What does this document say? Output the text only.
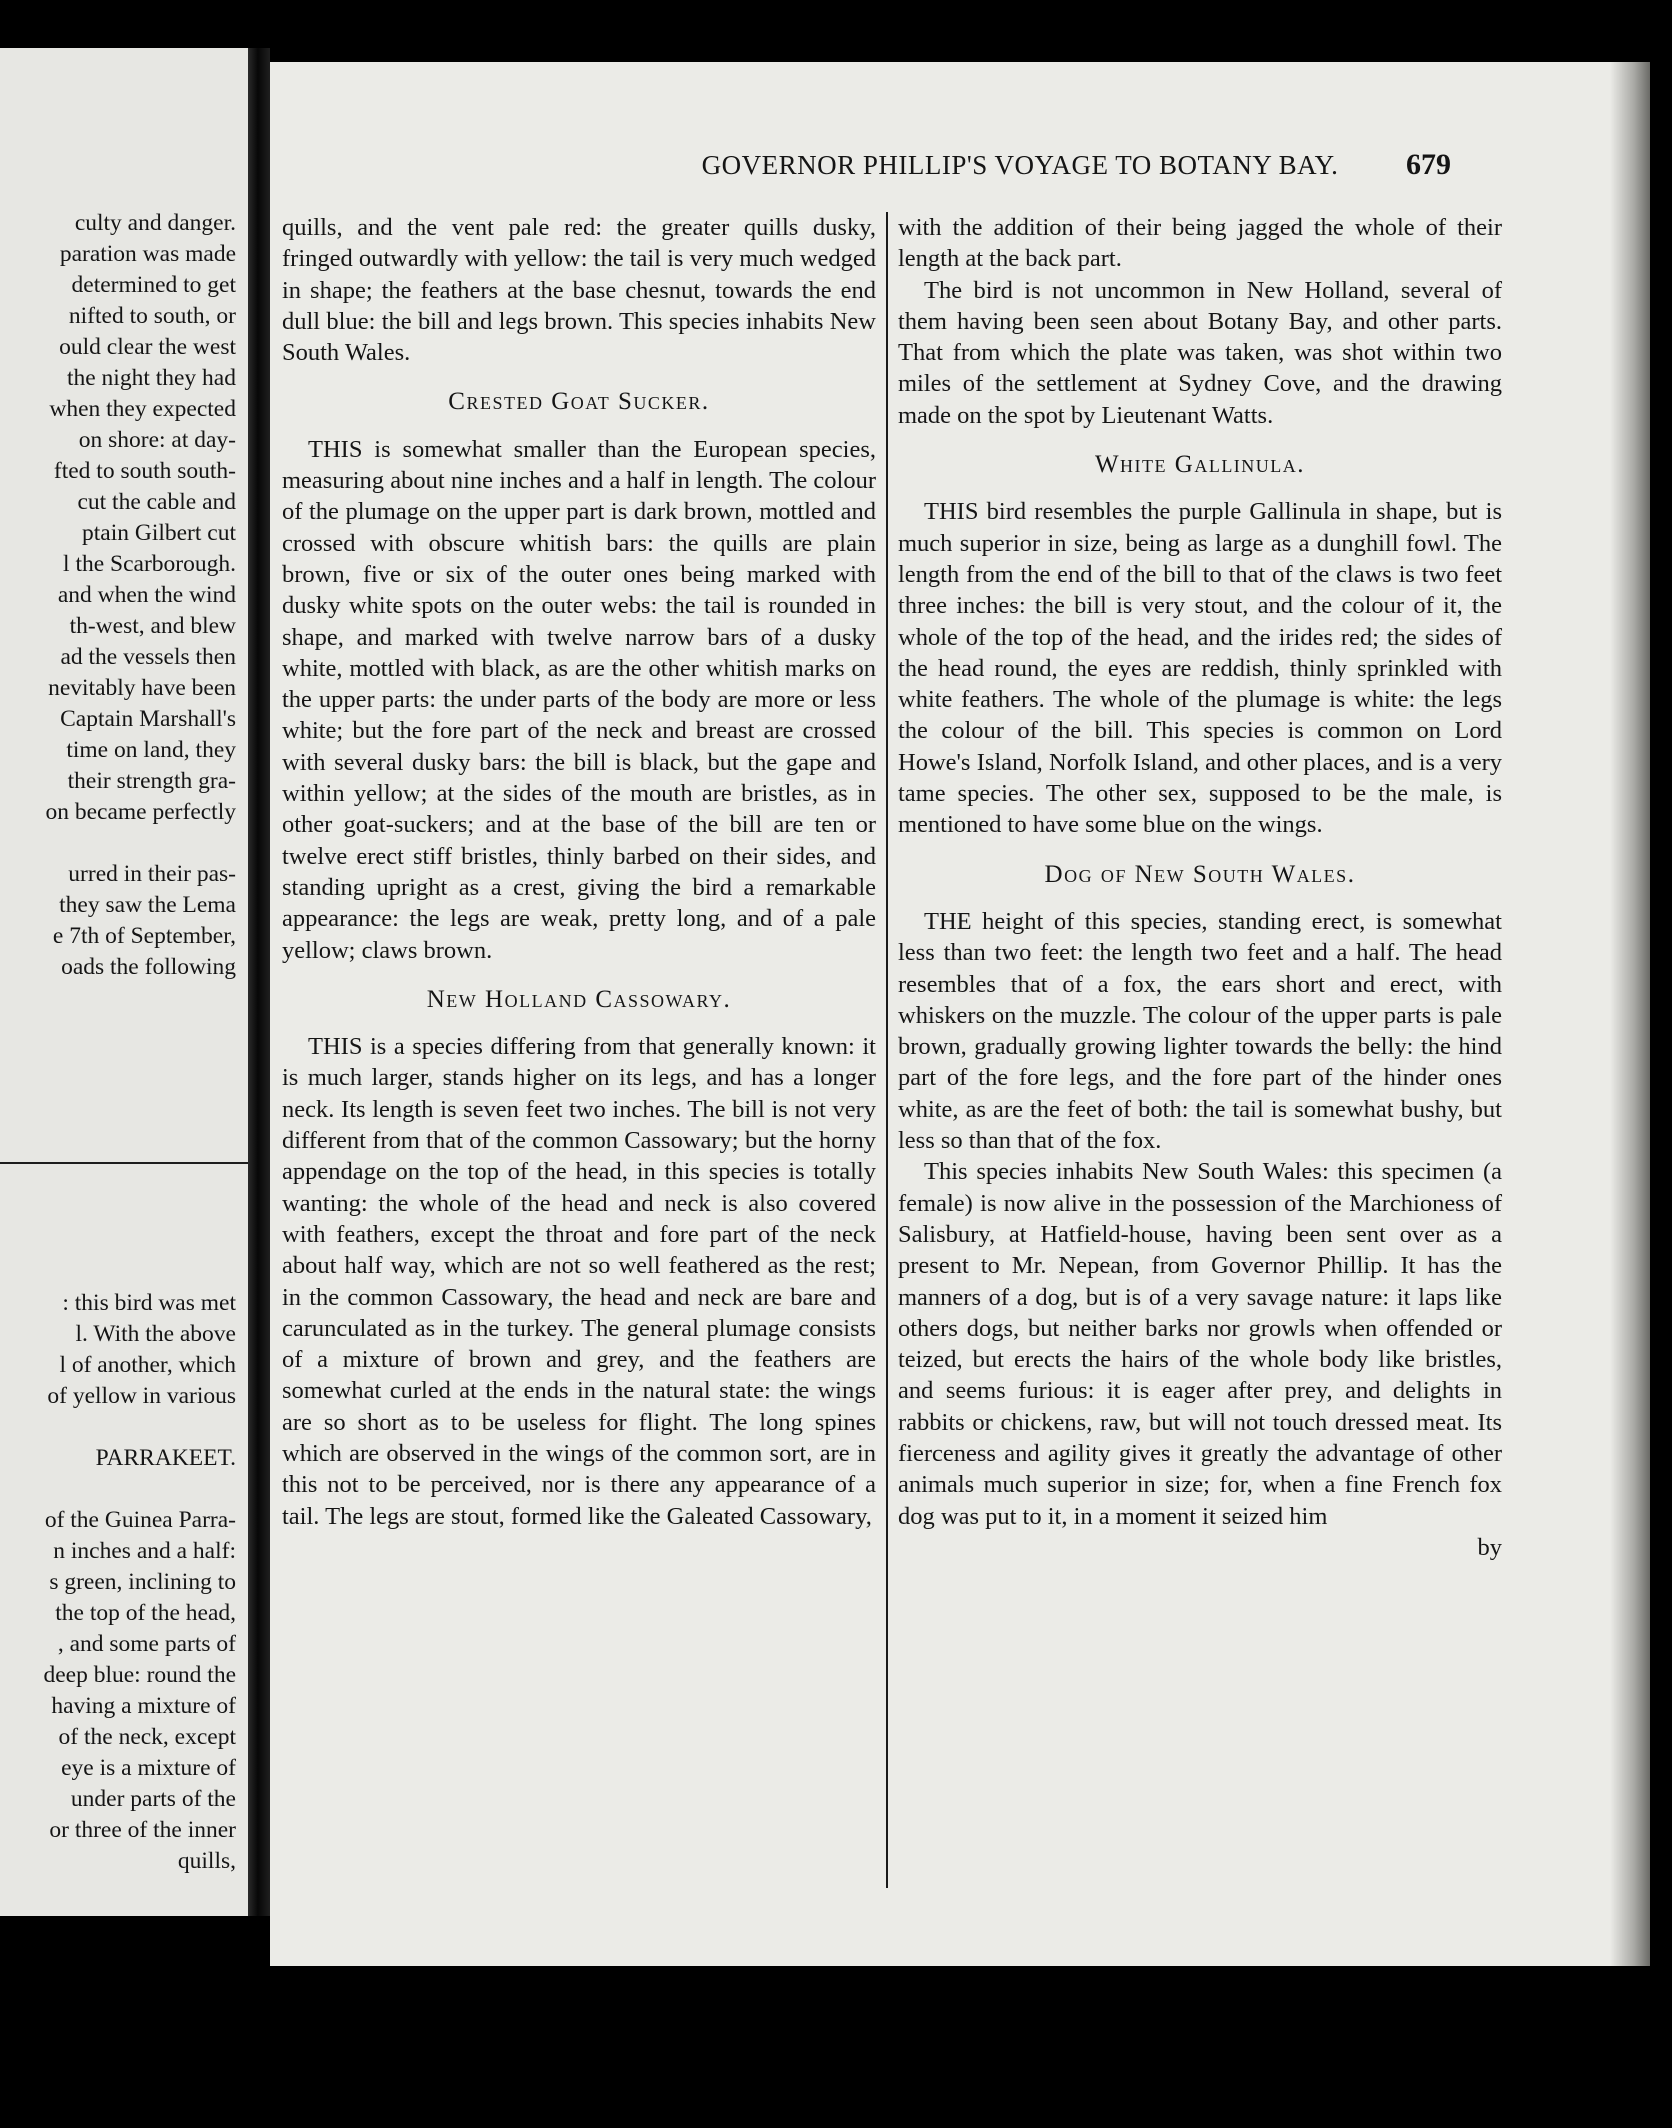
culty and danger.

paration was made

determined to get

nifted to south, or

ould clear the west

the night they had

when they expected

on shore: at day-

fted to south south-

cut the cable and

ptain Gilbert cut

l the Scarborough.

and when the wind

th-west, and blew

ad the vessels then

nevitably have been

Captain Marshall's

time on land, they

their strength gra-

on became perfectly

urred in their pas-

they saw the Lema

e 7th of September,

oads the following

: this bird was met

l. With the above

l of another, which

of yellow in various

PARRAKEET.

of the Guinea Parra-

n inches and a half:

s green, inclining to

the top of the head,

, and some parts of

deep blue: round the

having a mixture of

of the neck, except

eye is a mixture of

under parts of the

or three of the inner

quills,

GOVERNOR PHILLIP'S VOYAGE TO BOTANY BAY.	679

quills, and the vent pale red: the greater quills dusky, fringed outwardly with yellow: the tail is very much wedged in shape; the feathers at the base chesnut, towards the end dull blue: the bill and legs brown. This species inhabits New South Wales.

Crested Goat Sucker.

THIS is somewhat smaller than the European species, measuring about nine inches and a half in length. The colour of the plumage on the upper part is dark brown, mottled and crossed with obscure whitish bars: the quills are plain brown, five or six of the outer ones being marked with dusky white spots on the outer webs: the tail is rounded in shape, and marked with twelve narrow bars of a dusky white, mottled with black, as are the other whitish marks on the upper parts: the under parts of the body are more or less white; but the fore part of the neck and breast are crossed with several dusky bars: the bill is black, but the gape and within yellow; at the sides of the mouth are bristles, as in other goat-suckers; and at the base of the bill are ten or twelve erect stiff bristles, thinly barbed on their sides, and standing upright as a crest, giving the bird a remarkable appearance: the legs are weak, pretty long, and of a pale yellow; claws brown.

New Holland Cassowary.

THIS is a species differing from that generally known: it is much larger, stands higher on its legs, and has a longer neck. Its length is seven feet two inches. The bill is not very different from that of the common Cassowary; but the horny appendage on the top of the head, in this species is totally wanting: the whole of the head and neck is also covered with feathers, except the throat and fore part of the neck about half way, which are not so well feathered as the rest; in the common Cassowary, the head and neck are bare and carunculated as in the turkey. The general plumage consists of a mixture of brown and grey, and the feathers are somewhat curled at the ends in the natural state: the wings are so short as to be useless for flight. The long spines which are observed in the wings of the common sort, are in this not to be perceived, nor is there any appearance of a tail. The legs are stout, formed like the Galeated Cassowary,

with the addition of their being jagged the whole of their length at the back part.

The bird is not uncommon in New Holland, several of them having been seen about Botany Bay, and other parts. That from which the plate was taken, was shot within two miles of the settlement at Sydney Cove, and the drawing made on the spot by Lieutenant Watts.

White Gallinula.

THIS bird resembles the purple Gallinula in shape, but is much superior in size, being as large as a dunghill fowl. The length from the end of the bill to that of the claws is two feet three inches: the bill is very stout, and the colour of it, the whole of the top of the head, and the irides red; the sides of the head round, the eyes are reddish, thinly sprinkled with white feathers. The whole of the plumage is white: the legs the colour of the bill. This species is common on Lord Howe's Island, Norfolk Island, and other places, and is a very tame species. The other sex, supposed to be the male, is mentioned to have some blue on the wings.

Dog of New South Wales.

THE height of this species, standing erect, is somewhat less than two feet: the length two feet and a half. The head resembles that of a fox, the ears short and erect, with whiskers on the muzzle. The colour of the upper parts is pale brown, gradually growing lighter towards the belly: the hind part of the fore legs, and the fore part of the hinder ones white, as are the feet of both: the tail is somewhat bushy, but less so than that of the fox.

This species inhabits New South Wales: this specimen (a female) is now alive in the possession of the Marchioness of Salisbury, at Hatfield-house, having been sent over as a present to Mr. Nepean, from Governor Phillip. It has the manners of a dog, but is of a very savage nature: it laps like others dogs, but neither barks nor growls when offended or teized, but erects the hairs of the whole body like bristles, and seems furious: it is eager after prey, and delights in rabbits or chickens, raw, but will not touch dressed meat. Its fierceness and agility gives it greatly the advantage of other animals much superior in size; for, when a fine French fox dog was put to it, in a moment it seized him

by
